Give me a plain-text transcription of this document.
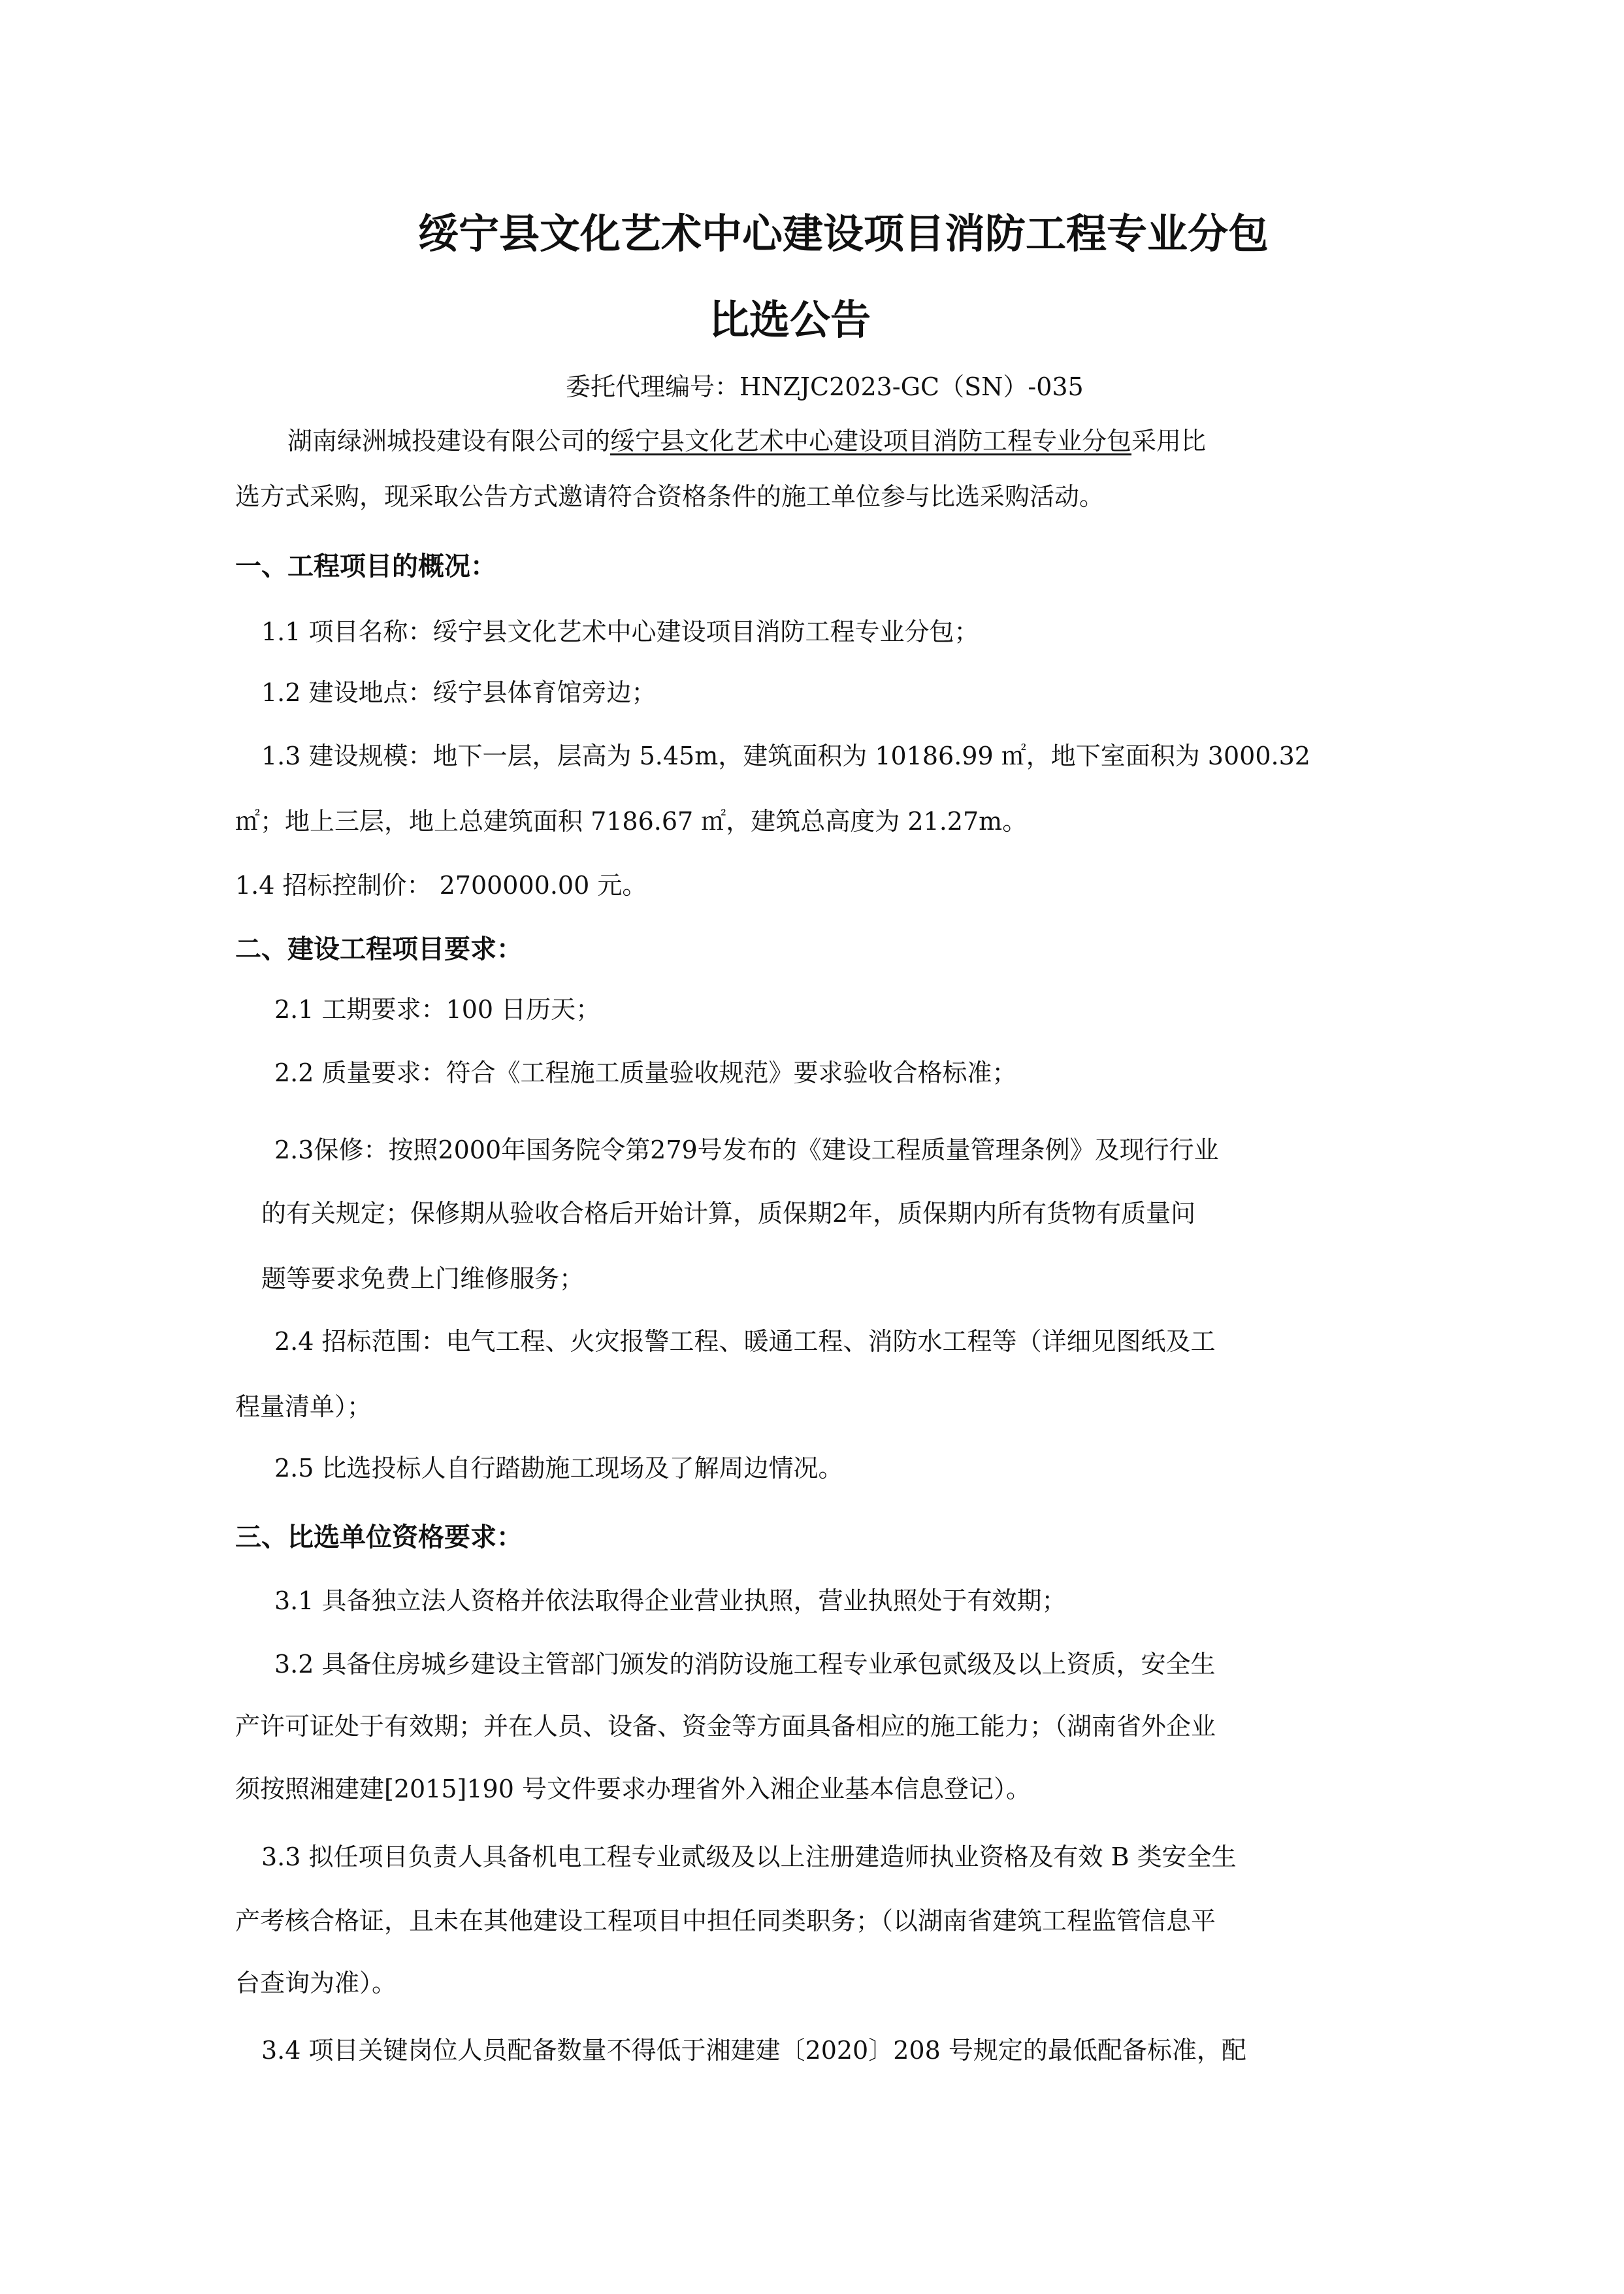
绥宁县文化艺术中心建设项目消防工程专业分包
比选公告
委托代理编号：HNZJC2023-GC（SN）-035
湖南绿洲城投建设有限公司的绥宁县文化艺术中心建设项目消防工程专业分包采用比
选方式采购，现采取公告方式邀请符合资格条件的施工单位参与比选采购活动。
一、工程项目的概况：
1.1 项目名称：绥宁县文化艺术中心建设项目消防工程专业分包；
1.2 建设地点：绥宁县体育馆旁边；
1.3 建设规模：地下一层，层高为 5.45m，建筑面积为 10186.99 ㎡，地下室面积为 3000.32
㎡；地上三层，地上总建筑面积 7186.67 ㎡，建筑总高度为 21.27m。
1.4 招标控制价： 2700000.00 元。
二、建设工程项目要求：
2.1 工期要求：100 日历天；
2.2 质量要求：符合《工程施工质量验收规范》要求验收合格标准；
2.3保修：按照2000年国务院令第279号发布的《建设工程质量管理条例》及现行行业
的有关规定；保修期从验收合格后开始计算，质保期2年，质保期内所有货物有质量问
题等要求免费上门维修服务；
2.4 招标范围：电气工程、火灾报警工程、暖通工程、消防水工程等（详细见图纸及工
程量清单）；
2.5 比选投标人自行踏勘施工现场及了解周边情况。
三、比选单位资格要求：
3.1 具备独立法人资格并依法取得企业营业执照，营业执照处于有效期；
3.2 具备住房城乡建设主管部门颁发的消防设施工程专业承包贰级及以上资质，安全生
产许可证处于有效期；并在人员、设备、资金等方面具备相应的施工能力；（湖南省外企业
须按照湘建建[2015]190 号文件要求办理省外入湘企业基本信息登记）。
3.3 拟任项目负责人具备机电工程专业贰级及以上注册建造师执业资格及有效 B 类安全生
产考核合格证，且未在其他建设工程项目中担任同类职务；（以湖南省建筑工程监管信息平
台查询为准）。
3.4 项目关键岗位人员配备数量不得低于湘建建〔2020〕208 号规定的最低配备标准，配
